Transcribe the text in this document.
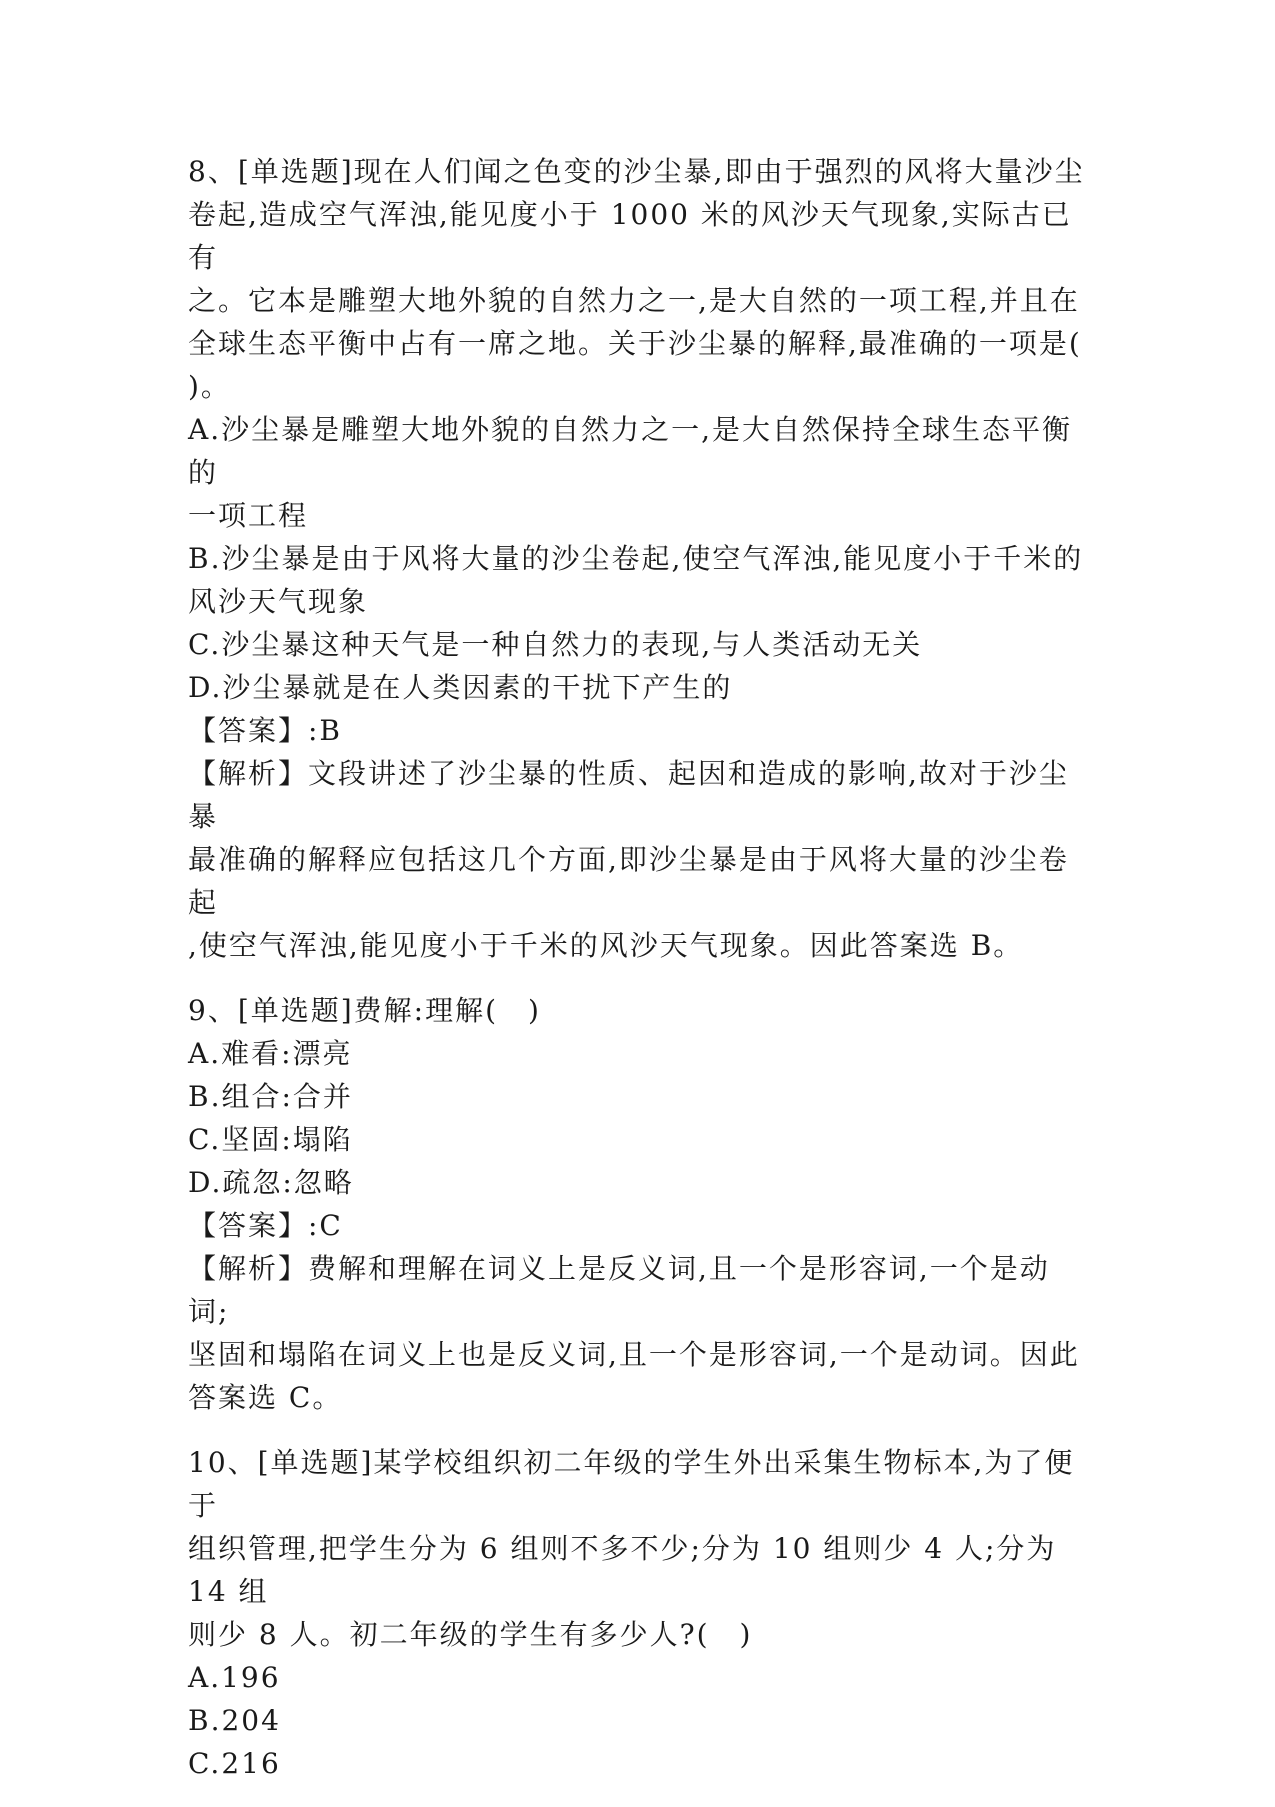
8、[单选题]现在人们闻之色变的沙尘暴,即由于强烈的风将大量沙尘

卷起,造成空气浑浊,能见度小于 1000 米的风沙天气现象,实际古已有

之。它本是雕塑大地外貌的自然力之一,是大自然的一项工程,并且在

全球生态平衡中占有一席之地。关于沙尘暴的解释,最准确的一项是(

)。

A.沙尘暴是雕塑大地外貌的自然力之一,是大自然保持全球生态平衡的

一项工程

B.沙尘暴是由于风将大量的沙尘卷起,使空气浑浊,能见度小于千米的

风沙天气现象

C.沙尘暴这种天气是一种自然力的表现,与人类活动无关

D.沙尘暴就是在人类因素的干扰下产生的

【答案】:B

【解析】文段讲述了沙尘暴的性质、起因和造成的影响,故对于沙尘暴

最准确的解释应包括这几个方面,即沙尘暴是由于风将大量的沙尘卷起

,使空气浑浊,能见度小于千米的风沙天气现象。因此答案选 B。

9、[单选题]费解:理解(　)

A.难看:漂亮

B.组合:合并

C.坚固:塌陷

D.疏忽:忽略

【答案】:C

【解析】费解和理解在词义上是反义词,且一个是形容词,一个是动词;

坚固和塌陷在词义上也是反义词,且一个是形容词,一个是动词。因此

答案选 C。

10、[单选题]某学校组织初二年级的学生外出采集生物标本,为了便于

组织管理,把学生分为 6 组则不多不少;分为 10 组则少 4 人;分为 14 组

则少 8 人。初二年级的学生有多少人?(　)

A.196

B.204

C.216
